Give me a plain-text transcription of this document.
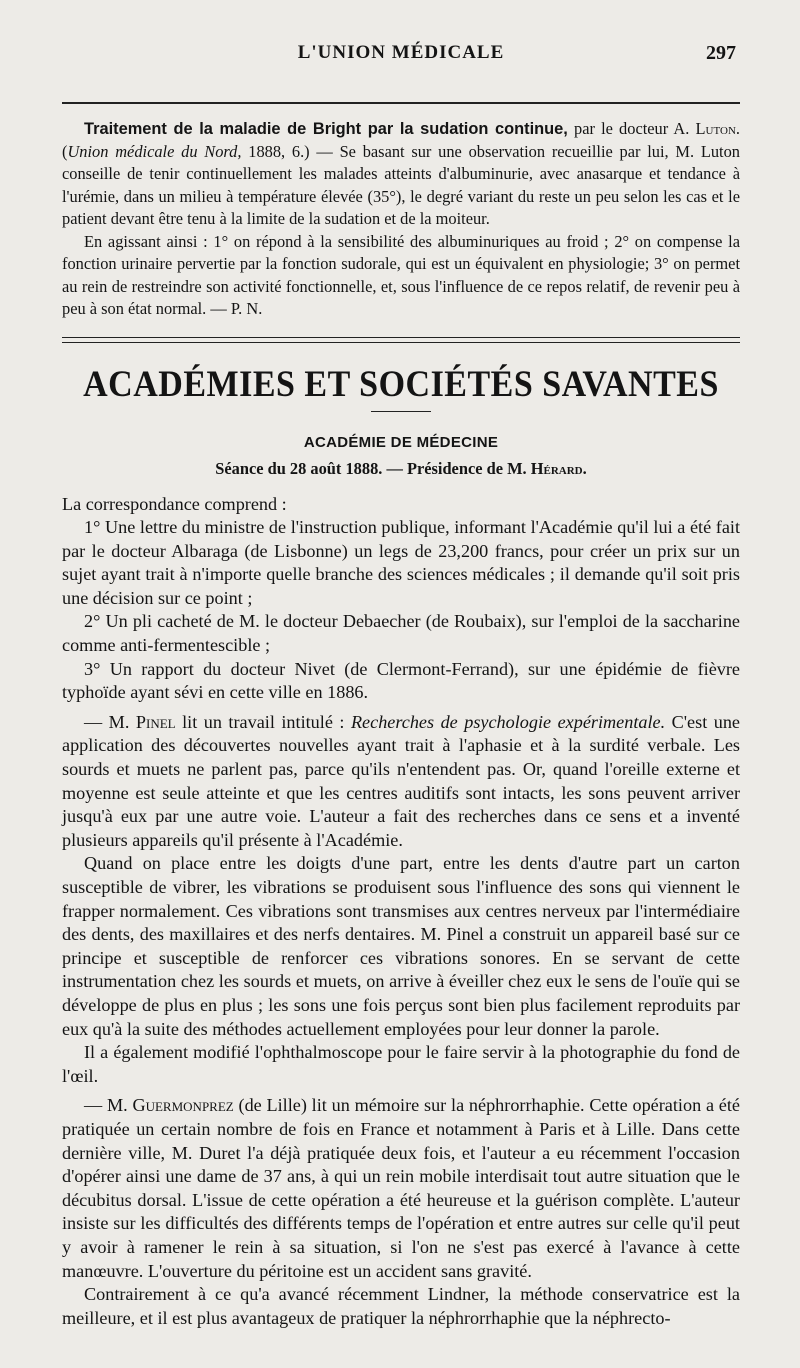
L'UNION MÉDICALE	297

Traitement de la maladie de Bright par la sudation continue, par le docteur A. Luton. (Union médicale du Nord, 1888, 6.) — Se basant sur une observation recueillie par lui, M. Luton conseille de tenir continuellement les malades atteints d'albuminurie, avec anasarque et tendance à l'urémie, dans un milieu à température élevée (35°), le degré variant du reste un peu selon les cas et le patient devant être tenu à la limite de la sudation et de la moiteur.

En agissant ainsi : 1° on répond à la sensibilité des albuminuriques au froid ; 2° on compense la fonction urinaire pervertie par la fonction sudorale, qui est un équivalent en physiologie; 3° on permet au rein de restreindre son activité fonctionnelle, et, sous l'influence de ce repos relatif, de revenir peu à peu à son état normal. — P. N.

ACADÉMIES ET SOCIÉTÉS SAVANTES
ACADÉMIE DE MÉDECINE
Séance du 28 août 1888. — Présidence de M. Hérard.

La correspondance comprend :

1° Une lettre du ministre de l'instruction publique, informant l'Académie qu'il lui a été fait par le docteur Albaraga (de Lisbonne) un legs de 23,200 francs, pour créer un prix sur un sujet ayant trait à n'importe quelle branche des sciences médicales ; il demande qu'il soit pris une décision sur ce point ;

2° Un pli cacheté de M. le docteur Debaecher (de Roubaix), sur l'emploi de la saccharine comme anti-fermentescible ;

3° Un rapport du docteur Nivet (de Clermont-Ferrand), sur une épidémie de fièvre typhoïde ayant sévi en cette ville en 1886.

— M. Pinel lit un travail intitulé : Recherches de psychologie expérimentale. C'est une application des découvertes nouvelles ayant trait à l'aphasie et à la surdité verbale. Les sourds et muets ne parlent pas, parce qu'ils n'entendent pas. Or, quand l'oreille externe et moyenne est seule atteinte et que les centres auditifs sont intacts, les sons peuvent arriver jusqu'à eux par une autre voie. L'auteur a fait des recherches dans ce sens et a inventé plusieurs appareils qu'il présente à l'Académie.

Quand on place entre les doigts d'une part, entre les dents d'autre part un carton susceptible de vibrer, les vibrations se produisent sous l'influence des sons qui viennent le frapper normalement. Ces vibrations sont transmises aux centres nerveux par l'intermédiaire des dents, des maxillaires et des nerfs dentaires. M. Pinel a construit un appareil basé sur ce principe et susceptible de renforcer ces vibrations sonores. En se servant de cette instrumentation chez les sourds et muets, on arrive à éveiller chez eux le sens de l'ouïe qui se développe de plus en plus ; les sons une fois perçus sont bien plus facilement reproduits par eux qu'à la suite des méthodes actuellement employées pour leur donner la parole.

Il a également modifié l'ophthalmoscope pour le faire servir à la photographie du fond de l'œil.

— M. Guermonprez (de Lille) lit un mémoire sur la néphrorrhaphie. Cette opération a été pratiquée un certain nombre de fois en France et notamment à Paris et à Lille. Dans cette dernière ville, M. Duret l'a déjà pratiquée deux fois, et l'auteur a eu récemment l'occasion d'opérer ainsi une dame de 37 ans, à qui un rein mobile interdisait tout autre situation que le décubitus dorsal. L'issue de cette opération a été heureuse et la guérison complète. L'auteur insiste sur les difficultés des différents temps de l'opération et entre autres sur celle qu'il peut y avoir à ramener le rein à sa situation, si l'on ne s'est pas exercé à l'avance à cette manœuvre. L'ouverture du péritoine est un accident sans gravité.

Contrairement à ce qu'a avancé récemment Lindner, la méthode conservatrice est la meilleure, et il est plus avantageux de pratiquer la néphrorrhaphie que la néphrecto-
